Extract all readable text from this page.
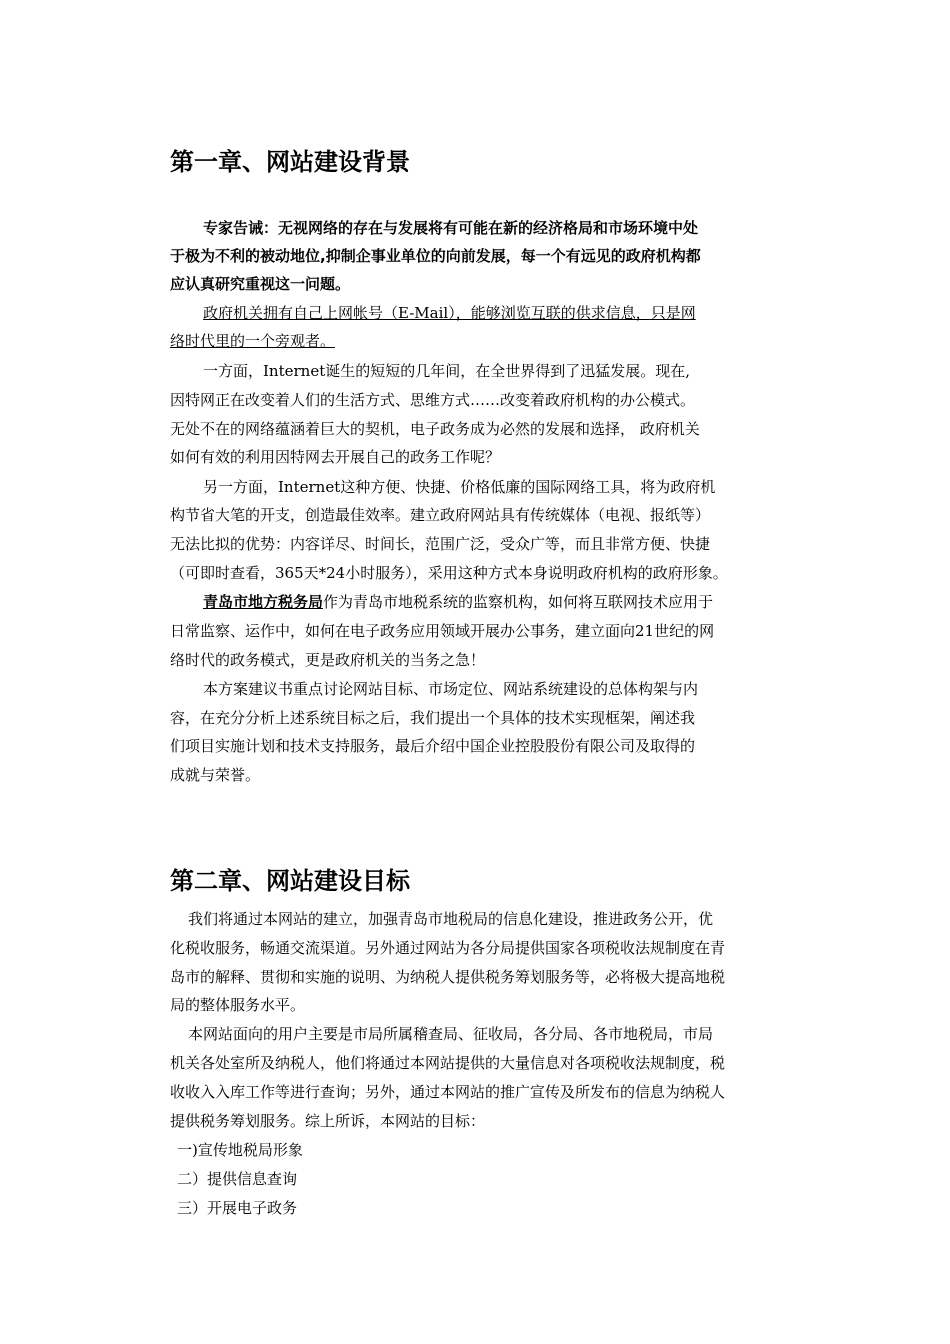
第一章、网站建设背景
专家告诫：无视网络的存在与发展将有可能在新的经济格局和市场环境中处
于极为不利的被动地位,抑制企事业单位的向前发展，每一个有远见的政府机构都
应认真研究重视这一问题。
政府机关拥有自己上网帐号（E-Mail），能够浏览互联的供求信息，只是网
络时代里的一个旁观者。
一方面，Internet诞生的短短的几年间，在全世界得到了迅猛发展。现在,
因特网正在改变着人们的生活方式、思维方式……改变着政府机构的办公模式。
无处不在的网络蕴涵着巨大的契机，电子政务成为必然的发展和选择， 政府机关
如何有效的利用因特网去开展自己的政务工作呢？
另一方面，Internet这种方便、快捷、价格低廉的国际网络工具，将为政府机
构节省大笔的开支，创造最佳效率。建立政府网站具有传统媒体（电视、报纸等）
无法比拟的优势：内容详尽、时间长，范围广泛，受众广等，而且非常方便、快捷
（可即时查看，365天*24小时服务），采用这种方式本身说明政府机构的政府形象。
青岛市地方税务局作为青岛市地税系统的监察机构，如何将互联网技术应用于
日常监察、运作中，如何在电子政务应用领域开展办公事务，建立面向21世纪的网
络时代的政务模式，更是政府机关的当务之急！
本方案建议书重点讨论网站目标、市场定位、网站系统建设的总体构架与内
容，在充分分析上述系统目标之后，我们提出一个具体的技术实现框架，阐述我
们项目实施计划和技术支持服务，最后介绍中国企业控股股份有限公司及取得的
成就与荣誉。
第二章、网站建设目标
我们将通过本网站的建立，加强青岛市地税局的信息化建设，推进政务公开，优
化税收服务，畅通交流渠道。另外通过网站为各分局提供国家各项税收法规制度在青
岛市的解释、贯彻和实施的说明、为纳税人提供税务筹划服务等，必将极大提高地税
局的整体服务水平。
本网站面向的用户主要是市局所属稽查局、征收局，各分局、各市地税局，市局
机关各处室所及纳税人，他们将通过本网站提供的大量信息对各项税收法规制度，税
收收入入库工作等进行查询；另外，通过本网站的推广宣传及所发布的信息为纳税人
提供税务筹划服务。综上所诉，本网站的目标：
一)宣传地税局形象
二）提供信息查询
三）开展电子政务
